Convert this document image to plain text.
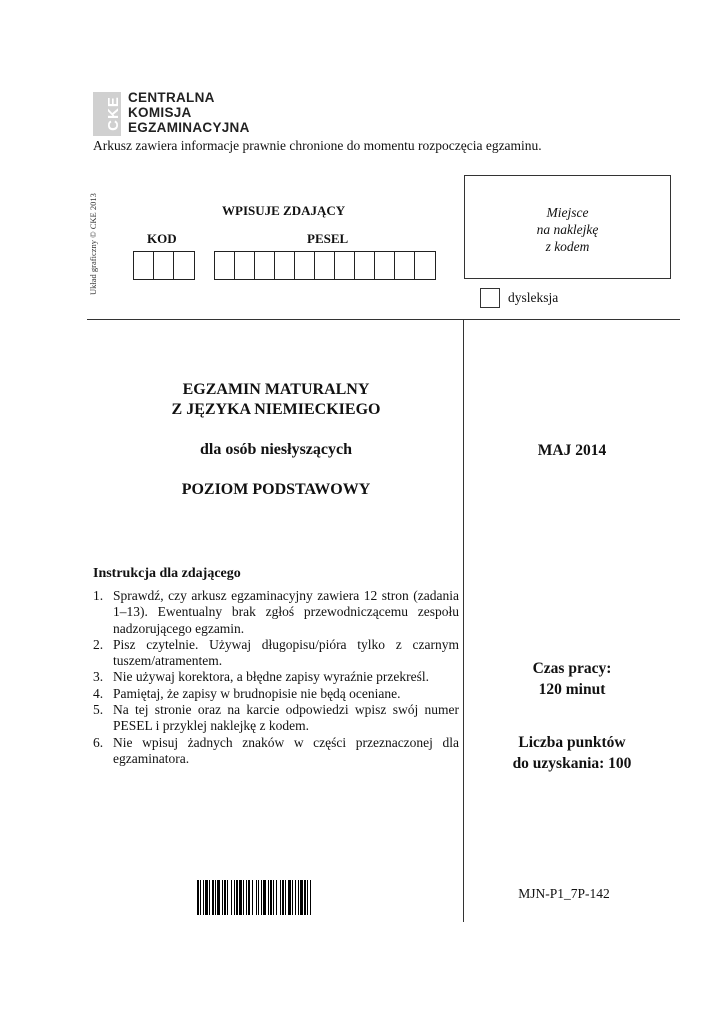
CKE CENTRALNA
KOMISJA
EGZAMINACYJNA
Arkusz zawiera informacje prawnie chronione do momentu rozpoczęcia egzaminu.
Układ graficzny © CKE 2013	WPISUJE ZDAJĄCY
KOD	PESEL
Miejsce
na naklejkę
z kodem
dysleksja
EGZAMIN MATURALNY
Z JĘZYKA NIEMIECKIEGO
dla osób niesłyszących
POZIOM PODSTAWOWY
MAJ 2014
Instrukcja dla zdającego
1. Sprawdź, czy arkusz egzaminacyjny zawiera 12 stron (zadania 1–13). Ewentualny brak zgłoś przewodniczącemu zespołu nadzorującego egzamin.
2. Pisz czytelnie. Używaj długopisu/pióra tylko z czarnym tuszem/atramentem.
3. Nie używaj korektora, a błędne zapisy wyraźnie przekreśl.
4. Pamiętaj, że zapisy w brudnopisie nie będą oceniane.
5. Na tej stronie oraz na karcie odpowiedzi wpisz swój numer PESEL i przyklej naklejkę z kodem.
6. Nie wpisuj żadnych znaków w części przeznaczonej dla egzaminatora.
Czas pracy:
120 minut
Liczba punktów
do uzyskania: 100
MJN-P1_7P-142
